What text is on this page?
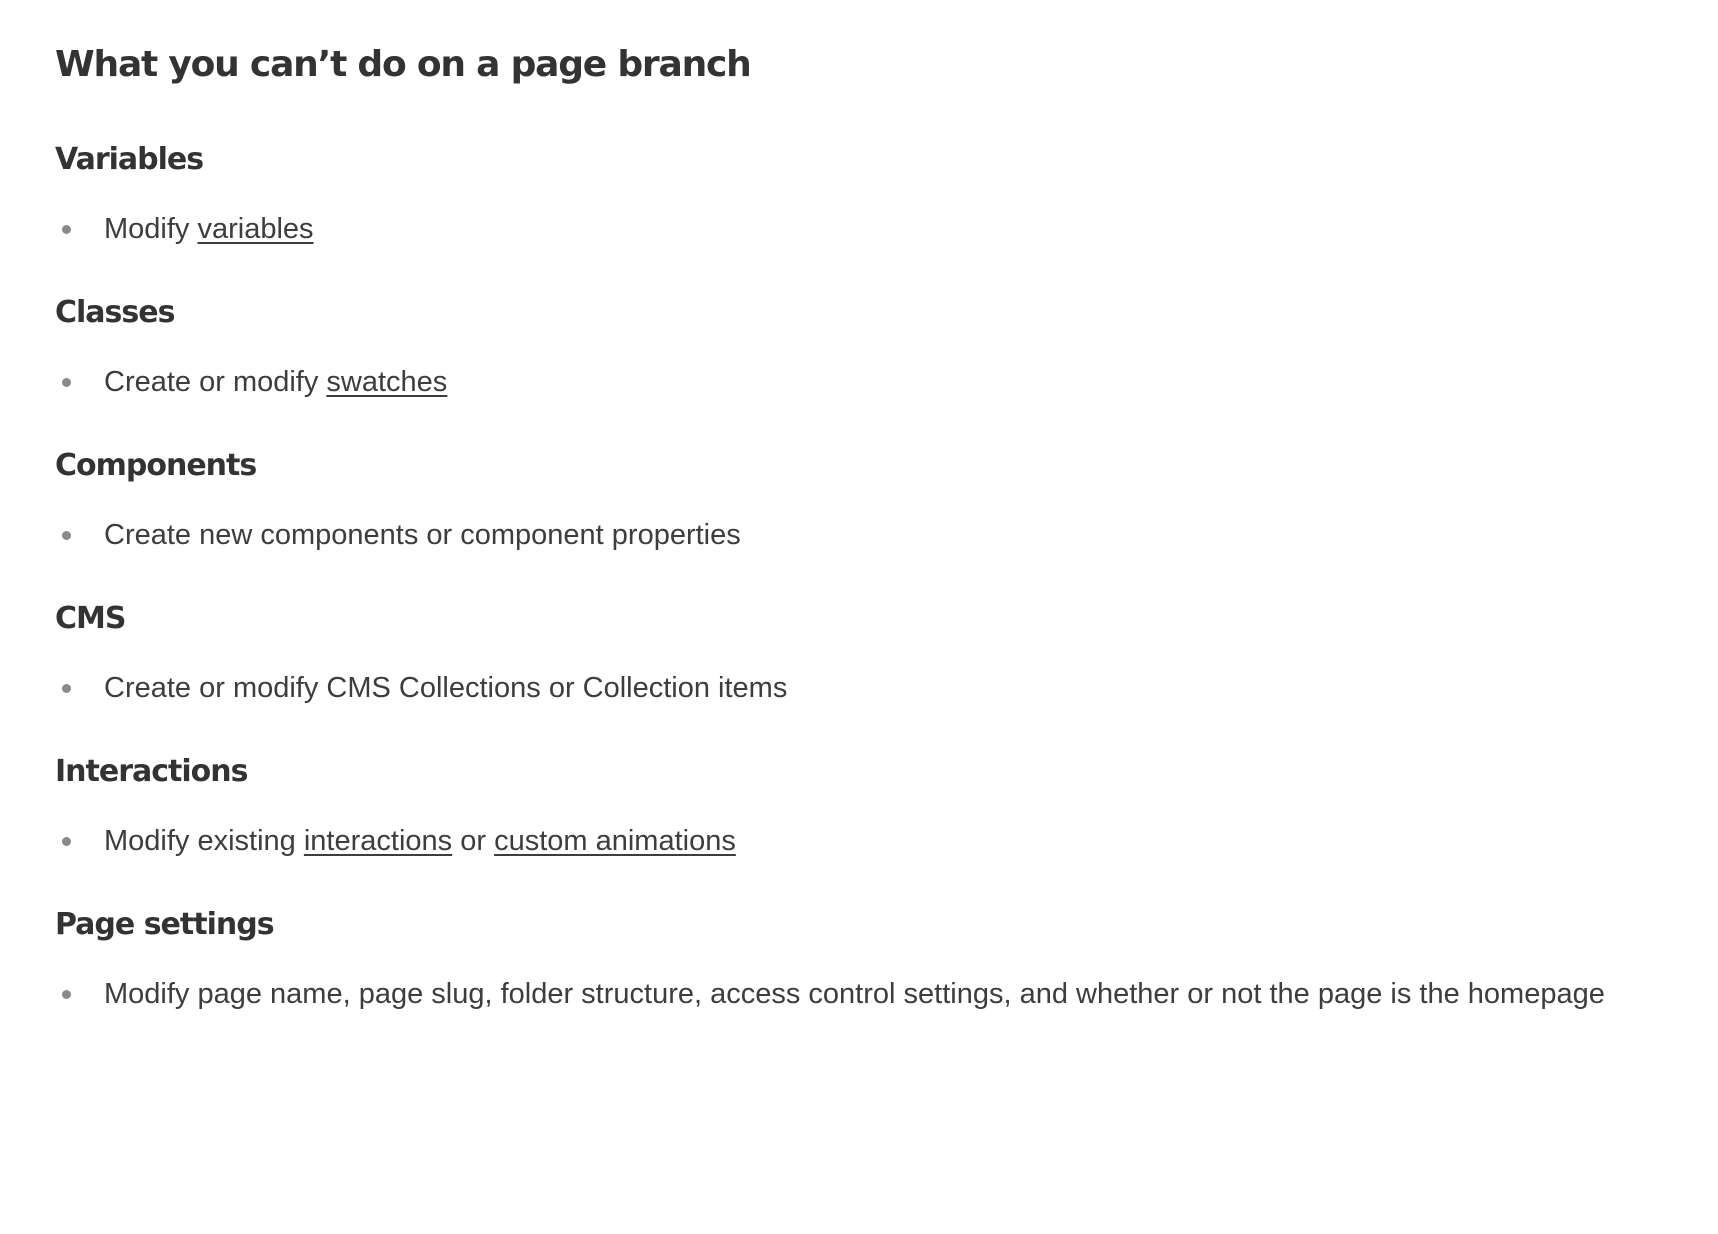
What you can’t do on a page branch
Variables
Modify variables
Classes
Create or modify swatches
Components
Create new components or component properties
CMS
Create or modify CMS Collections or Collection items
Interactions
Modify existing interactions or custom animations
Page settings
Modify page name, page slug, folder structure, access control settings, and whether or not the page is the homepage
